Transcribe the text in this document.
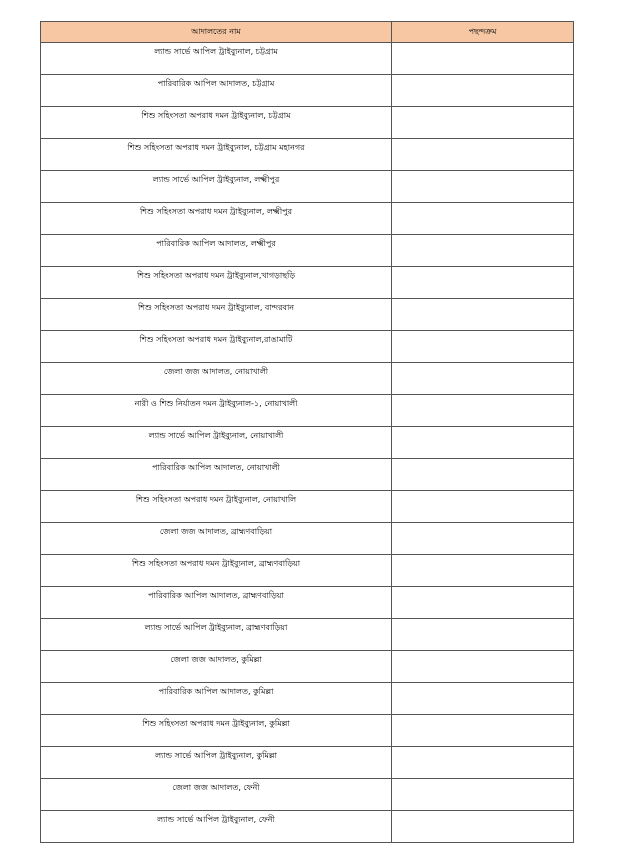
আদালতের নাম	পছন্দক্রম
ল্যান্ড সার্ভে আপিল ট্রাইব্যুনাল, চট্টগ্রাম	
পারিবারিক আপিল আদালত, চট্টগ্রাম	
শিশু সহিংসতা অপরাধ দমন ট্রাইব্যুনাল, চট্টগ্রাম	
শিশু সহিংসতা অপরাধ দমন ট্রাইব্যুনাল, চট্টগ্রাম মহানগর	
ল্যান্ড সার্ভে আপিল ট্রাইব্যুনাল, লক্ষ্মীপুর	
শিশু সহিংসতা অপরাধ দমন ট্রাইব্যুনাল, লক্ষ্মীপুর	
পারিবারিক আপিল আদালত, লক্ষ্মীপুর	
শিশু সহিংসতা অপরাধ দমন ট্রাইব্যুনাল,খাগড়াছড়ি	
শিশু সহিংসতা অপরাধ দমন ট্রাইব্যুনাল, বান্দরবান	
শিশু সহিংসতা অপরাধ দমন ট্রাইব্যুনাল,রাঙামাটি	
জেলা জজ আদালত, নোয়াখালী	
নারী ও শিশু নির্যাতন দমন ট্রাইব্যুনাল-১, নোয়াখালী	
ল্যান্ড সার্ভে আপিল ট্রাইব্যুনাল, নোয়াখালী	
পারিবারিক আপিল আদালত, নোয়াখালী	
শিশু সহিংসতা অপরাধ দমন ট্রাইব্যুনাল, নোয়াখালি	
জেলা জজ আদালত, ব্রাহ্মণবাড়িয়া	
শিশু সহিংসতা অপরাধ দমন ট্রাইব্যুনাল, ব্রাহ্মণবাড়িয়া	
পারিবারিক আপিল আদালত, ব্রাহ্মণবাড়িয়া	
ল্যান্ড সার্ভে আপিল ট্রাইব্যুনাল, ব্রাহ্মণবাড়িয়া	
জেলা জজ আদালত, কুমিল্লা	
পারিবারিক আপিল আদালত, কুমিল্লা	
শিশু সহিংসতা অপরাধ দমন ট্রাইব্যুনাল, কুমিল্লা	
ল্যান্ড সার্ভে আপিল ট্রাইব্যুনাল, কুমিল্লা	
জেলা জজ আদালত, ফেনী	
ল্যান্ড সার্ভে আপিল ট্রাইব্যুনাল, ফেনী	
